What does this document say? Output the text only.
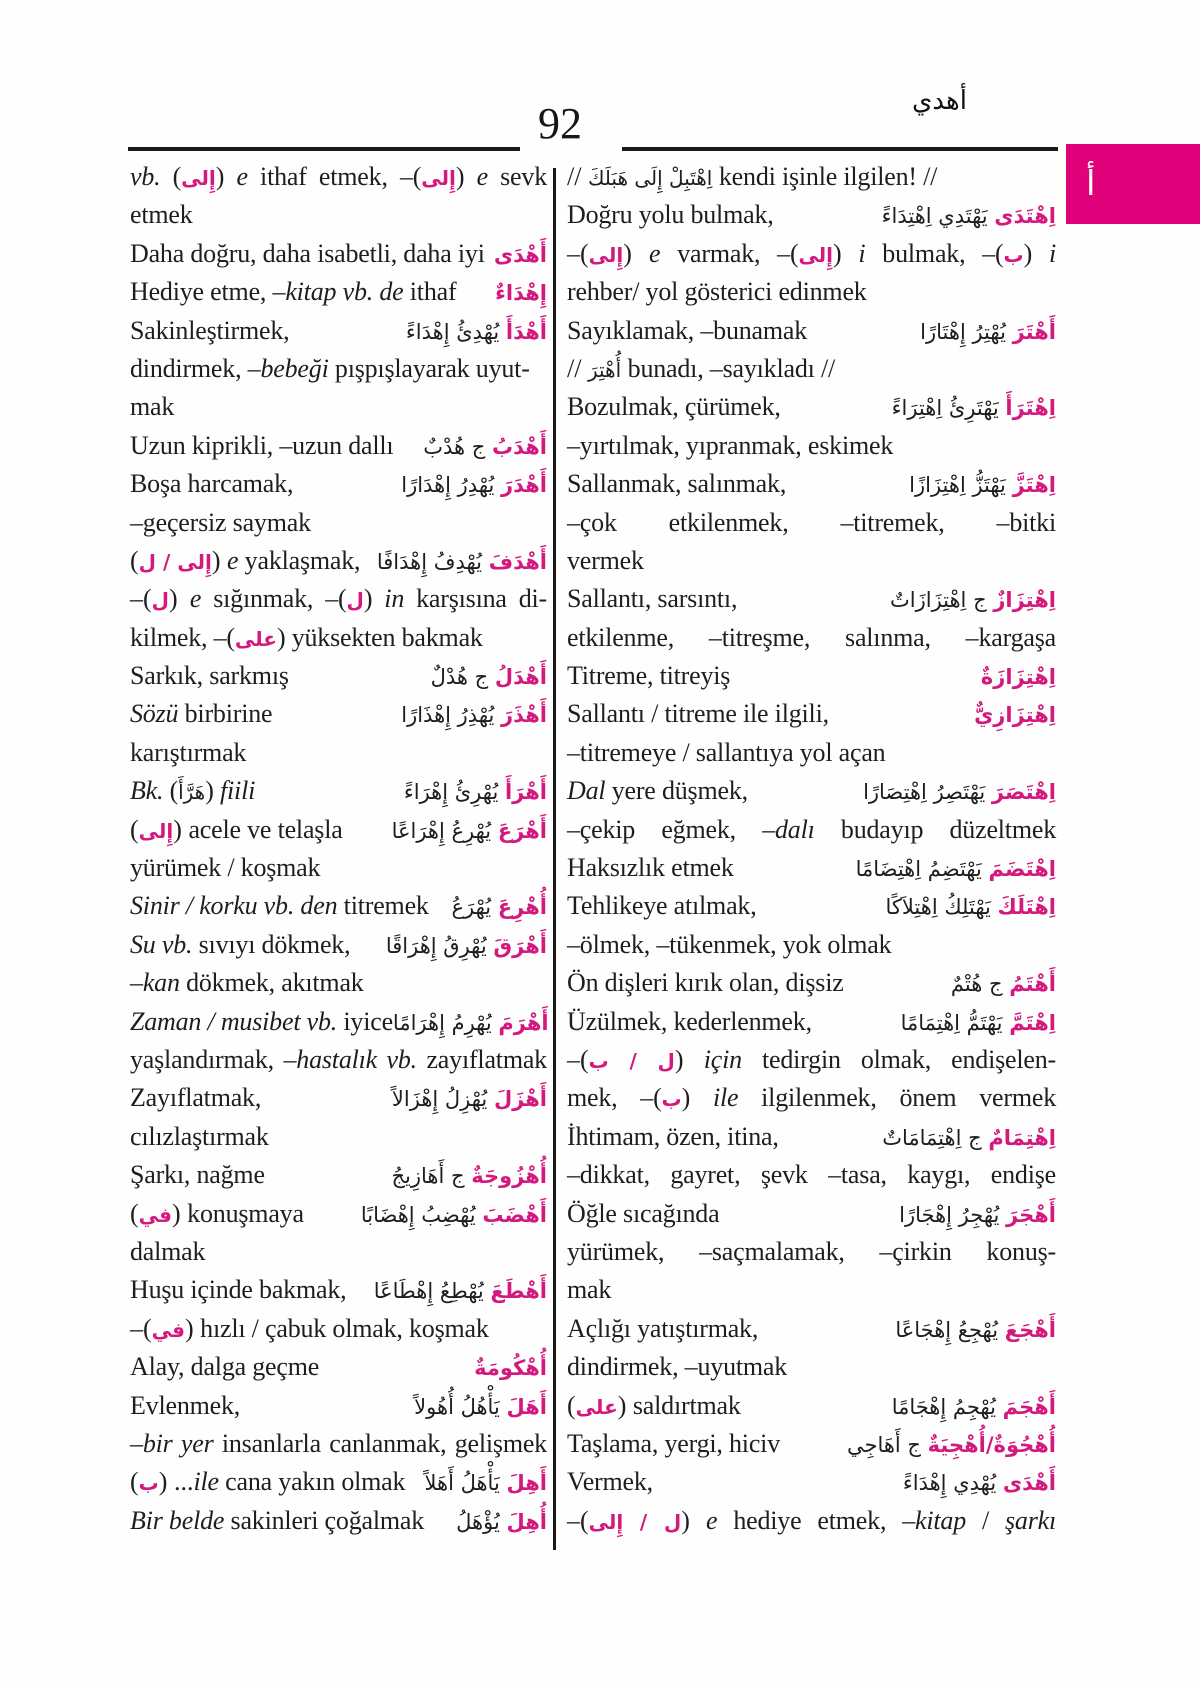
92	أهدي
أ
vb. (إِلى) e ithaf etmek, –(إِلى) e sevk
etmek
Daha doğru, daha isabetli, daha iyi أَهْدَى
Hediye etme, –kitap vb. de ithaf إِهْدَاءٌ
Sakinleştirmek,	أَهْدَأَ يُهْدِئُ إِهْدَاءً
dindirmek, –bebeği pışpışlayarak uyut-
mak
Uzun kiprikli, –uzun dallı	أَهْدَبُ ج هُدْبٌ
Boşa harcamak,	أَهْدَرَ يُهْدِرُ إِهْدَارًا
–geçersiz saymak
(إِلى / ل) e yaklaşmak,	أَهْدَفَ يُهْدِفُ إِهْدَافًا
–(ل) e sığınmak, –(ل) in karşısına di-
kilmek, –(على) yüksekten bakmak
Sarkık, sarkmış	أَهْدَلُ ج هُدْلٌ
Sözü birbirine	أَهْذَرَ يُهْذِرُ إِهْذَارًا
karıştırmak
Bk. (هَرَّأَ) fiili	أَهْرَأَ يُهْرِئُ إِهْرَاءً
(إِلى) acele ve telaşla	أَهْرَعَ يُهْرِعُ إِهْرَاعًا
yürümek / koşmak
Sinir / korku vb. den titremek	أُهْرِعَ يُهْرَعُ
Su vb. sıvıyı dökmek,	أَهْرَقَ يُهْرِقُ إِهْرَاقًا
–kan dökmek, akıtmak
Zaman / musibet vb. iyice	أَهْرَمَ يُهْرِمُ إِهْرَامًا
yaşlandırmak, –hastalık vb. zayıflatmak
Zayıflatmak,	أَهْزَلَ يُهْزِلُ إِهْزَالاً
cılızlaştırmak
Şarkı, nağme	أُهْزُوجَةٌ ج أَهَازِيجُ
(في) konuşmaya	أَهْضَبَ يُهْضِبُ إِهْضَابًا
dalmak
Huşu içinde bakmak,	أَهْطَعَ يُهْطِعُ إِهْطَاعًا
–(في) hızlı / çabuk olmak, koşmak
Alay, dalga geçme	أُهْكُومَةٌ
Evlenmek,	أَهَلَ يَأْهُلُ أُهُولاً
–bir yer insanlarla canlanmak, gelişmek
(ب) ...ile cana yakın olmak	أَهِلَ يَأْهَلُ أَهَلاً
Bir belde sakinleri çoğalmak	أُهِلَ يُؤْهَلُ
// اِهْتَبِلْ إِلَى هَبَلَكَ kendi işinle ilgilen! //
Doğru yolu bulmak,	اِهْتَدَى يَهْتَدِي اِهْتِدَاءً
–(إِلى) e varmak, –(إِلى) i bulmak, –(ب) i
rehber/ yol gösterici edinmek
Sayıklamak, –bunamak	أَهْتَرَ يُهْتِرُ إِهْتَارًا
// أُهْتِرَ bunadı, –sayıkladı //
Bozulmak, çürümek,	اِهْتَرَأَ يَهْتَرِئُ اِهْتِرَاءً
–yırtılmak, yıpranmak, eskimek
Sallanmak, salınmak,	اِهْتَزَّ يَهْتَزُّ اِهْتِزَازًا
–çok etkilenmek, –titremek, –bitki
vermek
Sallantı, sarsıntı,	اِهْتِزَازٌ ج اِهْتِزَازَاتٌ
etkilenme, –titreşme, salınma, –kargaşa
Titreme, titreyiş	اِهْتِزَازَةٌ
Sallantı / titreme ile ilgili,	اِهْتِزَازِيٌّ
–titremeye / sallantıya yol açan
Dal yere düşmek,	اِهْتَصَرَ يَهْتَصِرُ اِهْتِصَارًا
–çekip eğmek, –dalı budayıp düzeltmek
Haksızlık etmek	اِهْتَضَمَ يَهْتَضِمُ اِهْتِضَامًا
Tehlikeye atılmak,	اِهْتَلَكَ يَهْتَلِكُ اِهْتِلاَكًا
–ölmek, –tükenmek, yok olmak
Ön dişleri kırık olan, dişsiz	أَهْتَمُ ج هُتْمٌ
Üzülmek, kederlenmek,	اِهْتَمَّ يَهْتَمُّ اِهْتِمَامًا
–(ل / ب) için tedirgin olmak, endişelen-
mek, –(ب) ile ilgilenmek, önem vermek
İhtimam, özen, itina,	اِهْتِمَامٌ ج اِهْتِمَامَاتٌ
–dikkat, gayret, şevk –tasa, kaygı, endişe
Öğle sıcağında	أَهْجَرَ يُهْجِرُ إِهْجَارًا
yürümek, –saçmalamak, –çirkin konuş-
mak
Açlığı yatıştırmak,	أَهْجَعَ يُهْجِعُ إِهْجَاعًا
dindirmek, –uyutmak
(على) saldırtmak	أَهْجَمَ يُهْجِمُ إِهْجَامًا
Taşlama, yergi, hiciv	أُهْجُوَةٌ/أُهْجِيَةٌ ج أَهَاجِي
Vermek,	أَهْدَى يُهْدِي إِهْدَاءً
–(ل / إِلى) e hediye etmek, –kitap / şarkı
